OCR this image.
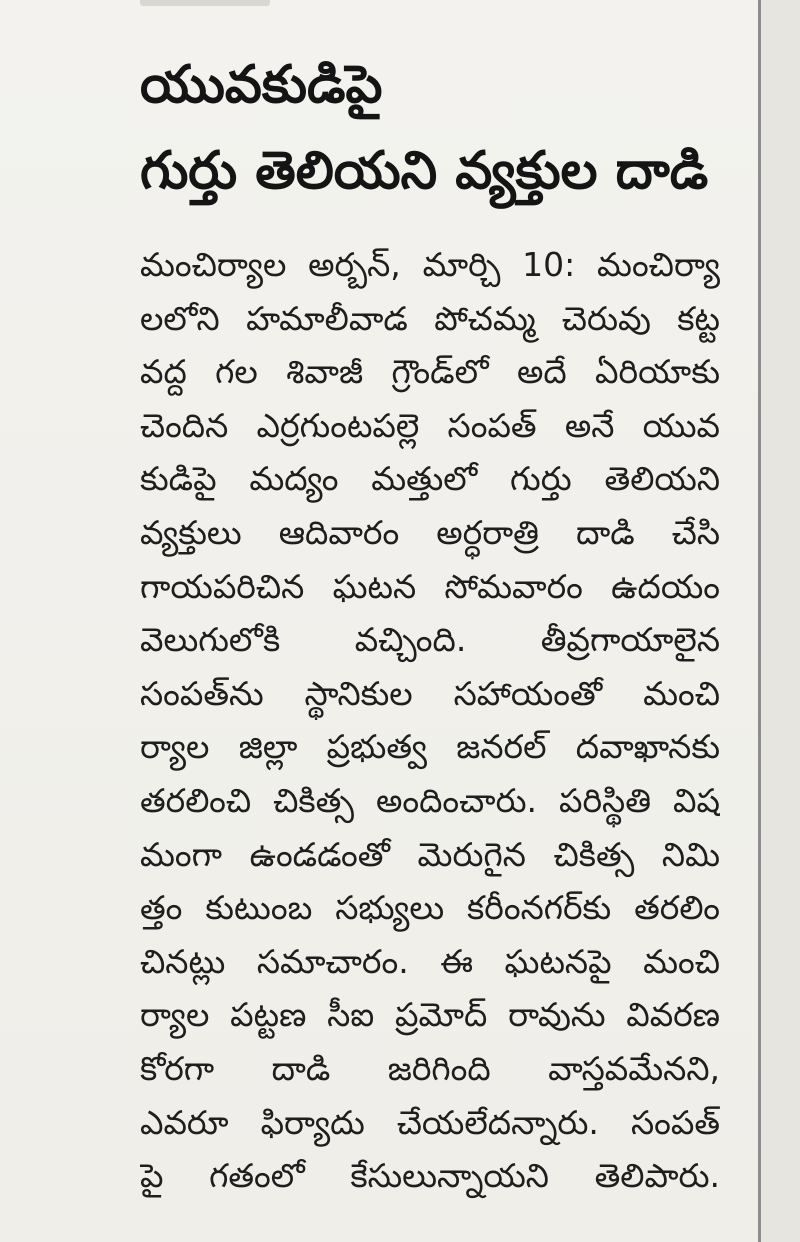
యువకుడిపై
గుర్తు తెలియని వ్యక్తుల దాడి
మంచిర్యాల అర్బన్, మార్చి 10: మంచిర్యా
లలోని హమాలీవాడ పోచమ్మ చెరువు కట్ట
వద్ద గల శివాజీ గ్రౌండ్‌లో అదే ఏరియాకు
చెందిన ఎర్రగుంటపల్లె సంపత్ అనే యువ
కుడిపై మద్యం మత్తులో గుర్తు తెలియని
వ్యక్తులు ఆదివారం అర్ధరాత్రి దాడి చేసి
గాయపరిచిన ఘటన సోమవారం ఉదయం
వెలుగులోకి వచ్చింది. తీవ్రగాయాలైన
సంపత్‌ను స్థానికుల సహాయంతో మంచి
ర్యాల జిల్లా ప్రభుత్వ జనరల్ దవాఖానకు
తరలించి చికిత్స అందించారు. పరిస్థితి విష
మంగా ఉండడంతో మెరుగైన చికిత్స నిమి
త్తం కుటుంబ సభ్యులు కరీంనగర్‌కు తరలిం
చినట్లు సమాచారం. ఈ ఘటనపై మంచి
ర్యాల పట్టణ సీఐ ప్రమోద్ రావును వివరణ
కోరగా దాడి జరిగింది వాస్తవమేనని,
ఎవరూ ఫిర్యాదు చేయలేదన్నారు. సంపత్
పై గతంలో కేసులున్నాయని తెలిపారు.
